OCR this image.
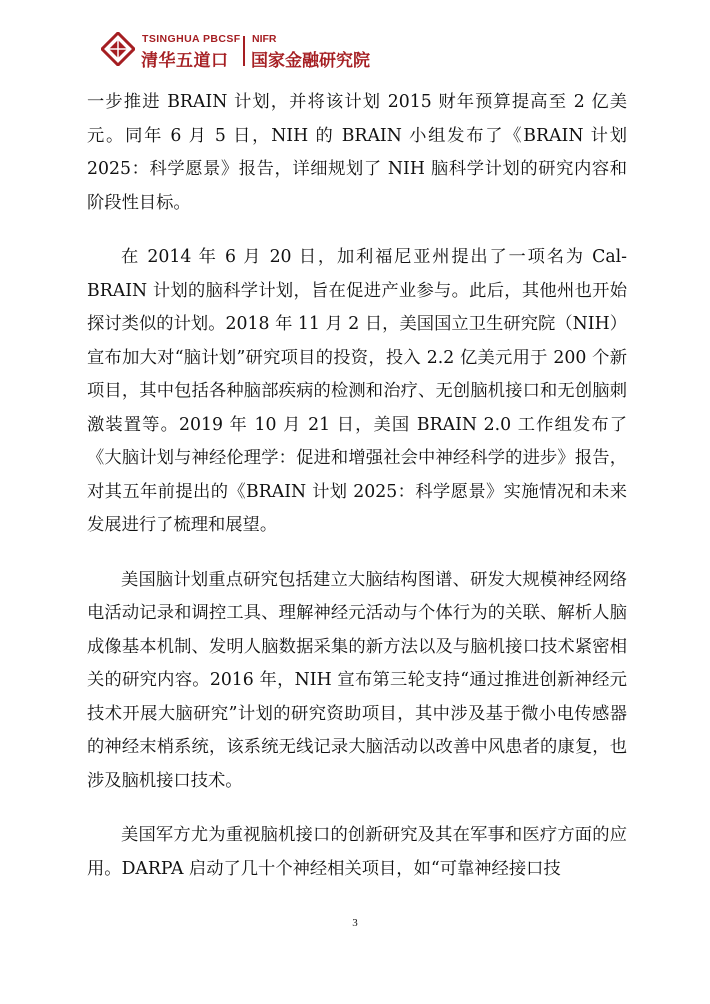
TSINGHUA PBCSF
清华五道口
NIFR
国家金融研究院

一步推进 BRAIN 计划，并将该计划 2015 财年预算提高至 2 亿美元。同年 6 月 5 日，NIH 的 BRAIN 小组发布了《BRAIN 计划 2025：科学愿景》报告，详细规划了 NIH 脑科学计划的研究内容和阶段性目标。

在 2014 年 6 月 20 日，加利福尼亚州提出了一项名为 Cal-BRAIN 计划的脑科学计划，旨在促进产业参与。此后，其他州也开始探讨类似的计划。2018 年 11 月 2 日，美国国立卫生研究院（NIH）宣布加大对“脑计划”研究项目的投资，投入 2.2 亿美元用于 200 个新项目，其中包括各种脑部疾病的检测和治疗、无创脑机接口和无创脑刺激装置等。2019 年 10 月 21 日，美国 BRAIN 2.0 工作组发布了《大脑计划与神经伦理学：促进和增强社会中神经科学的进步》报告，对其五年前提出的《BRAIN 计划 2025：科学愿景》实施情况和未来发展进行了梳理和展望。

美国脑计划重点研究包括建立大脑结构图谱、研发大规模神经网络电活动记录和调控工具、理解神经元活动与个体行为的关联、解析人脑成像基本机制、发明人脑数据采集的新方法以及与脑机接口技术紧密相关的研究内容。2016 年，NIH 宣布第三轮支持“通过推进创新神经元技术开展大脑研究”计划的研究资助项目，其中涉及基于微小电传感器的神经末梢系统，该系统无线记录大脑活动以改善中风患者的康复，也涉及脑机接口技术。

美国军方尤为重视脑机接口的创新研究及其在军事和医疗方面的应用。DARPA 启动了几十个神经相关项目，如“可靠神经接口技

3
